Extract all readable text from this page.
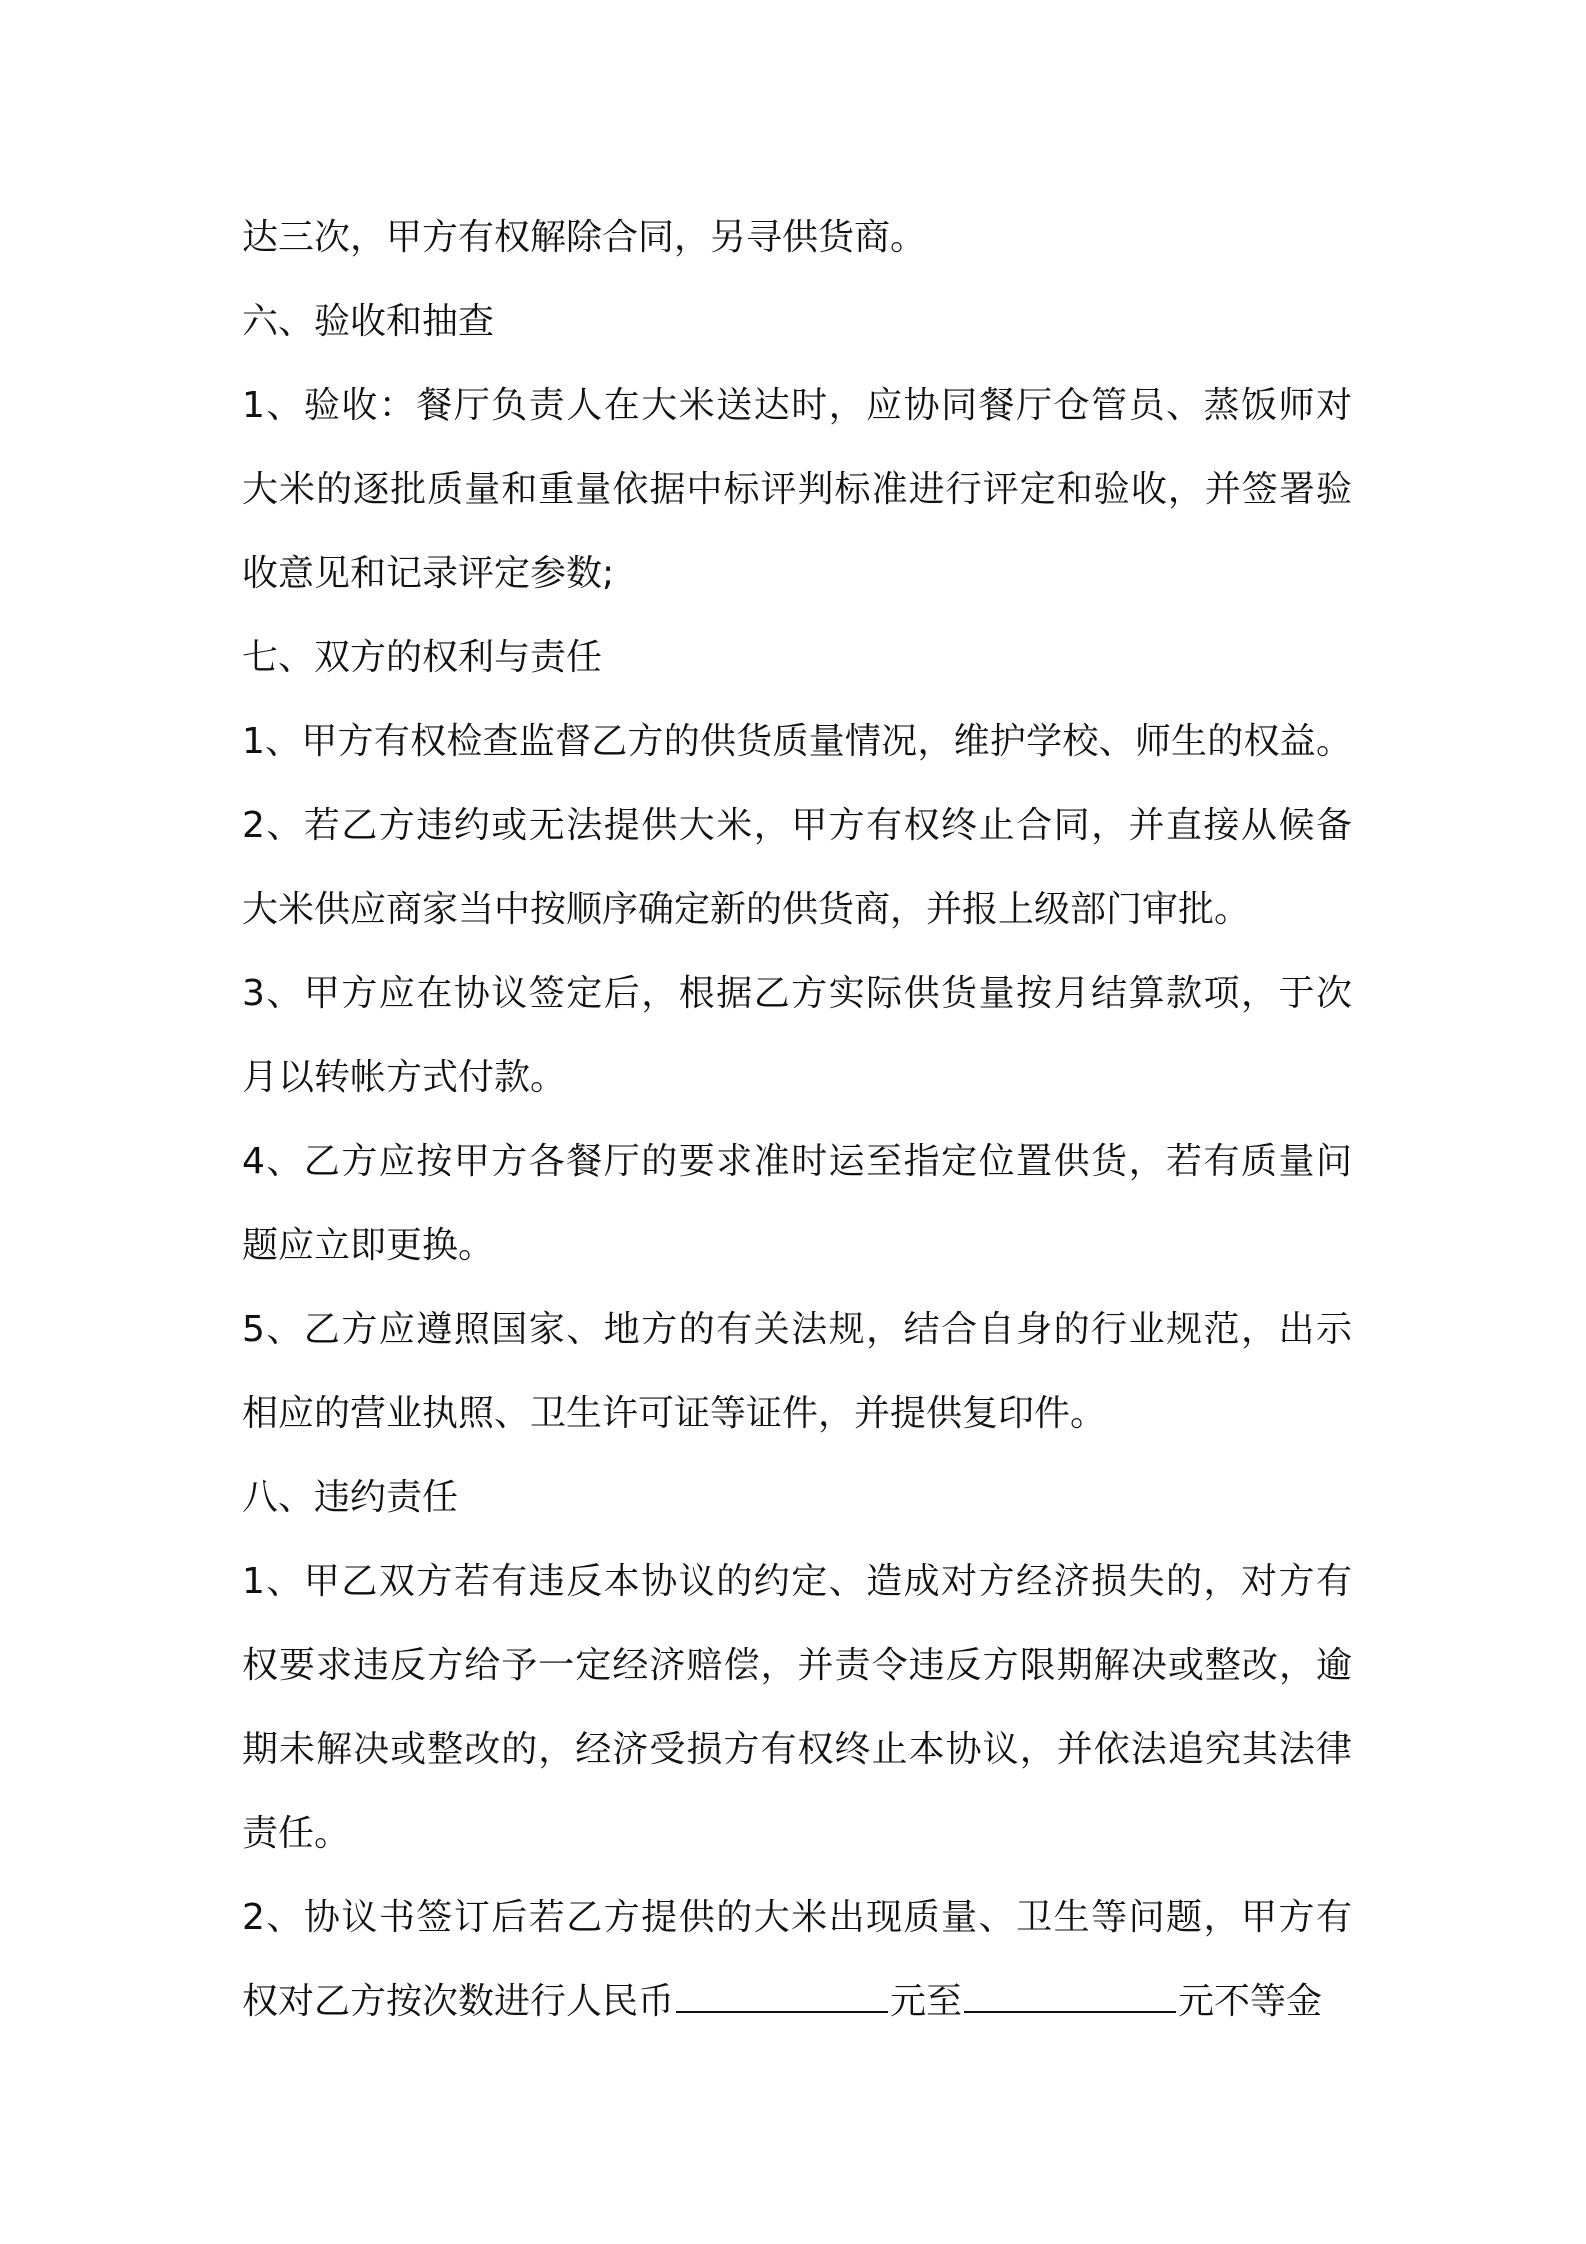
达三次，甲方有权解除合同，另寻供货商。
六、验收和抽查
1、验收：餐厅负责人在大米送达时，应协同餐厅仓管员、蒸饭师对
大米的逐批质量和重量依据中标评判标准进行评定和验收，并签署验
收意见和记录评定参数;
七、双方的权利与责任
1、甲方有权检查监督乙方的供货质量情况，维护学校、师生的权益。
2、若乙方违约或无法提供大米，甲方有权终止合同，并直接从候备
大米供应商家当中按顺序确定新的供货商，并报上级部门审批。
3、甲方应在协议签定后，根据乙方实际供货量按月结算款项，于次
月以转帐方式付款。
4、乙方应按甲方各餐厅的要求准时运至指定位置供货，若有质量问
题应立即更换。
5、乙方应遵照国家、地方的有关法规，结合自身的行业规范，出示
相应的营业执照、卫生许可证等证件，并提供复印件。
八、违约责任
1、甲乙双方若有违反本协议的约定、造成对方经济损失的，对方有
权要求违反方给予一定经济赔偿，并责令违反方限期解决或整改，逾
期未解决或整改的，经济受损方有权终止本协议，并依法追究其法律
责任。
2、协议书签订后若乙方提供的大米出现质量、卫生等问题，甲方有
权对乙方按次数进行人民币	元至	元不等金
